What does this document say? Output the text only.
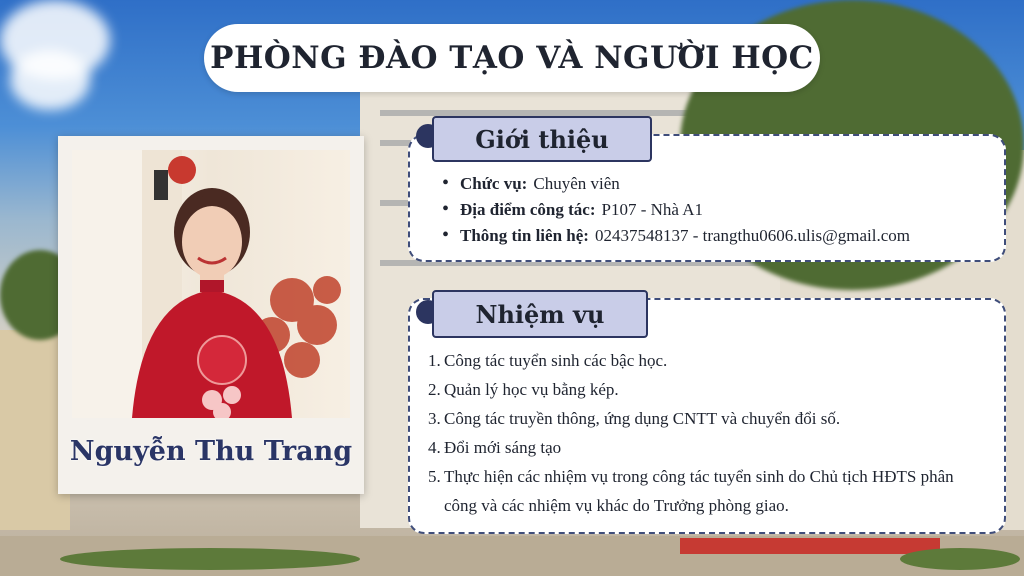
PHÒNG ĐÀO TẠO VÀ NGƯỜI HỌC
Nguyễn Thu Trang
Giới thiệu
• Chức vụ: Chuyên viên
• Địa điểm công tác: P107 - Nhà A1
• Thông tin liên hệ: 02437548137 - trangthu0606.ulis@gmail.com
Nhiệm vụ
1. Công tác tuyển sinh các bậc học.
2. Quản lý học vụ bằng kép.
3. Công tác truyền thông, ứng dụng CNTT và chuyển đổi số.
4. Đổi mới sáng tạo
5. Thực hiện các nhiệm vụ trong công tác tuyển sinh do Chủ tịch HĐTS phân công và các nhiệm vụ khác do Trưởng phòng giao.
